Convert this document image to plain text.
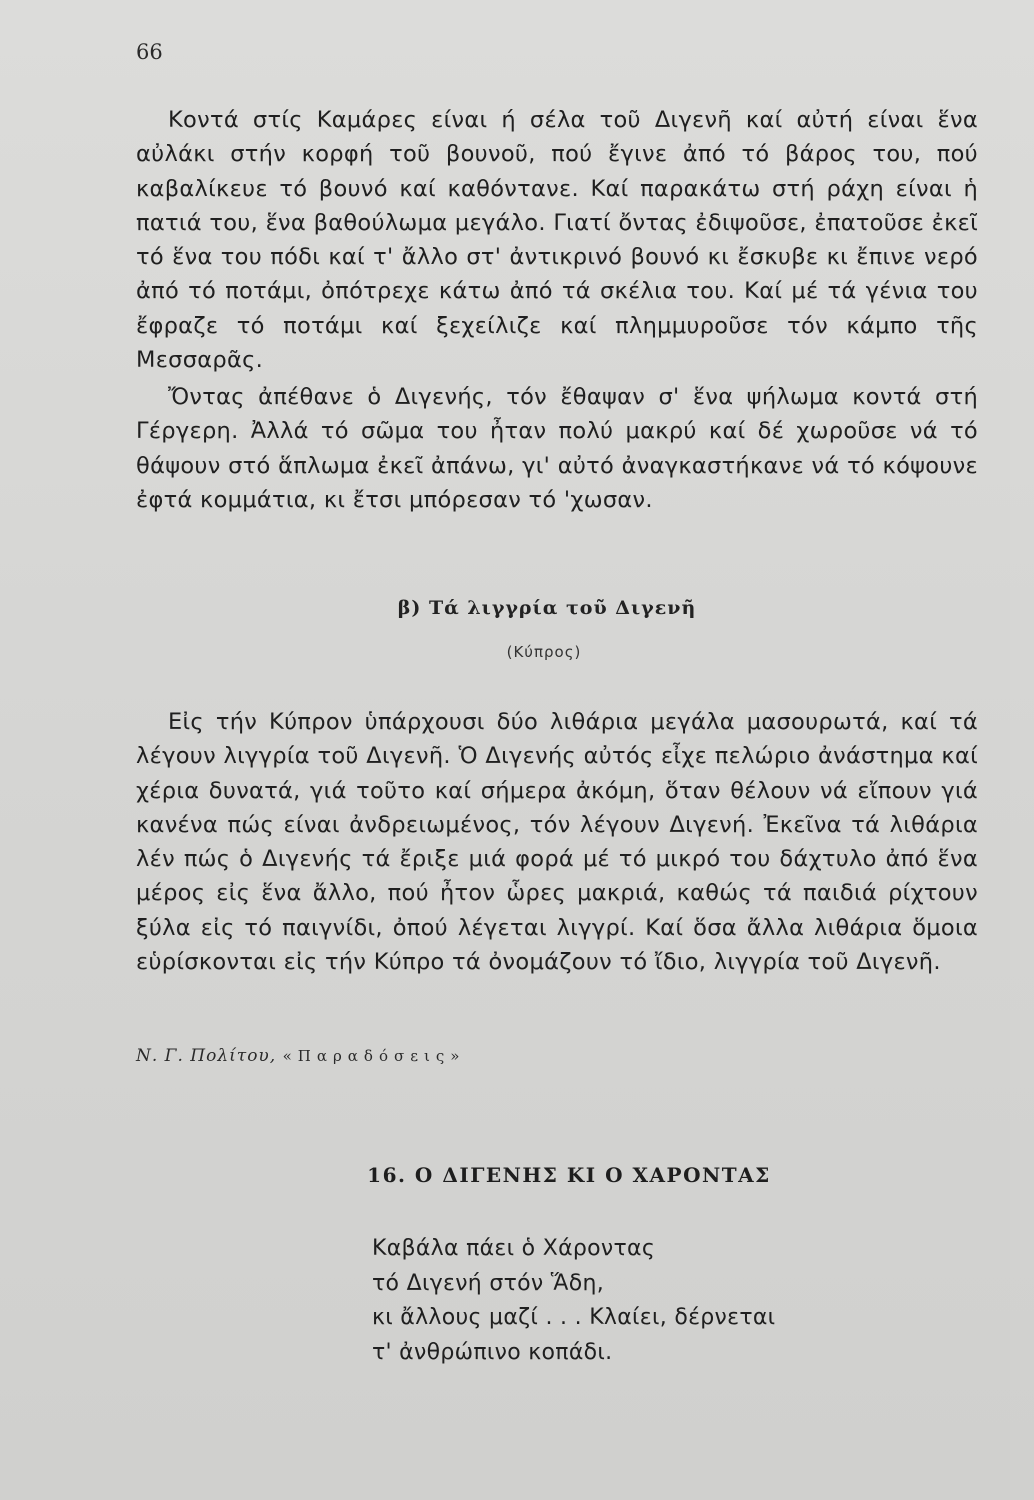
66

Κοντά στίς Καμάρες είναι ή σέλα τοῦ Διγενῆ καί αὐτή είναι ἕνα αὐλάκι στήν κορφή τοῦ βουνοῦ, πού ἔγινε ἀπό τό βάρος του, πού καβαλίκευε τό βουνό καί καθόντανε. Καί παρακάτω στή ράχη είναι ἡ πατιά του, ἕνα βαθούλωμα μεγάλο. Γιατί ὄντας ἐδιψοῦσε, ἐπατοῦσε ἐκεῖ τό ἕνα του πόδι καί τ' ἄλλο στ' ἀντικρινό βουνό κι ἔσκυβε κι ἔπινε νερό ἀπό τό ποτάμι, ὀπότρεχε κάτω ἀπό τά σκέλια του. Καί μέ τά γένια του ἔφραζε τό ποτάμι καί ξεχείλιζε καί πλημμυροῦσε τόν κάμπο τῆς Μεσσαρᾶς.

Ὄντας ἀπέθανε ὁ Διγενής, τόν ἔθαψαν σ' ἕνα ψήλωμα κοντά στή Γέργερη. Ἀλλά τό σῶμα του ἦταν πολύ μακρύ καί δέ χωροῦσε νά τό θάψουν στό ἅπλωμα ἐκεῖ ἀπάνω, γι' αὐτό ἀναγκαστήκανε νά τό κόψουνε ἐφτά κομμάτια, κι ἔτσι μπόρεσαν τό 'χωσαν.

β) Τά λιγγρία τοῦ Διγενῆ
(Κύπρος)

Εἰς τήν Κύπρον ὑπάρχουσι δύο λιθάρια μεγάλα μασουρωτά, καί τά λέγουν λιγγρία τοῦ Διγενῆ. Ὁ Διγενής αὐτός εἶχε πελώριο ἀνάστημα καί χέρια δυνατά, γιά τοῦτο καί σήμερα ἀκόμη, ὅταν θέλουν νά εἴπουν γιά κανένα πώς είναι ἀνδρειωμένος, τόν λέγουν Διγενή. Ἐκεῖνα τά λιθάρια λέν πώς ὁ Διγενής τά ἔριξε μιά φορά μέ τό μικρό του δάχτυλο ἀπό ἕνα μέρος εἰς ἕνα ἄλλο, πού ἦτον ὧρες μακριά, καθώς τά παιδιά ρίχτουν ξύλα εἰς τό παιγνίδι, ὀπού λέγεται λιγγρί. Καί ὅσα ἄλλα λιθάρια ὅμοια εὑρίσκονται εἰς τήν Κύπρο τά ὀνομάζουν τό ἴδιο, λιγγρία τοῦ Διγενῆ.

Ν. Γ. Πολίτου, «Παραδόσεις»
16. Ο ΔΙΓΕΝΗΣ ΚΙ Ο ΧΑΡΟΝΤΑΣ
Καβάλα πάει ὁ Χάροντας
τό Διγενή στόν Ἅδη,
κι ἄλλους μαζί . . . Κλαίει, δέρνεται
τ' ἀνθρώπινο κοπάδι.
